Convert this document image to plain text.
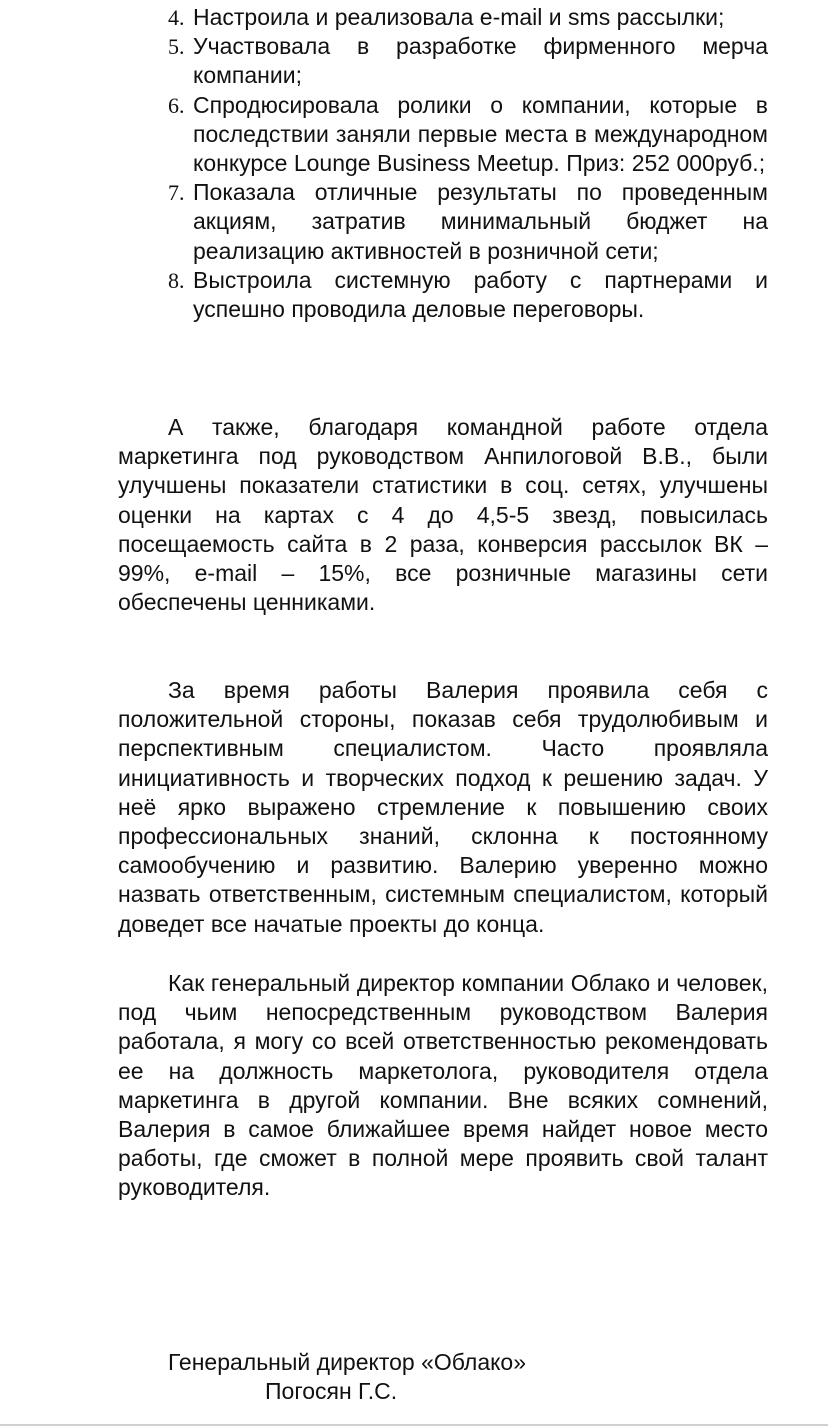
4. Настроила и реализовала e-mail и sms рассылки;
5. Участвовала в разработке фирменного мерча компании;
6. Спродюсировала ролики о компании, которые в последствии заняли первые места в международном конкурсе Lounge Business Meetup. Приз: 252 000руб.;
7. Показала отличные результаты по проведенным акциям, затратив минимальный бюджет на реализацию активностей в розничной сети;
8. Выстроила системную работу с партнерами и успешно проводила деловые переговоры.

А также, благодаря командной работе отдела маркетинга под руководством Анпилоговой В.В., были улучшены показатели статистики в соц. сетях, улучшены оценки на картах с 4 до 4,5-5 звезд, повысилась посещаемость сайта в 2 раза, конверсия рассылок ВК – 99%, e-mail – 15%, все розничные магазины сети обеспечены ценниками.

За время работы Валерия проявила себя с положительной стороны, показав себя трудолюбивым и перспективным специалистом. Часто проявляла инициативность и творческих подход к решению задач. У неё ярко выражено стремление к повышению своих профессиональных знаний, склонна к постоянному самообучению и развитию. Валерию уверенно можно назвать ответственным, системным специалистом, который доведет все начатые проекты до конца.

Как генеральный директор компании Облако и человек, под чьим непосредственным руководством Валерия работала, я могу со всей ответственностью рекомендовать ее на должность маркетолога, руководителя отдела маркетинга в другой компании. Вне всяких сомнений, Валерия в самое ближайшее время найдет новое место работы, где сможет в полной мере проявить свой талант руководителя.

Генеральный директор «Облако»
Погосян Г.С.
